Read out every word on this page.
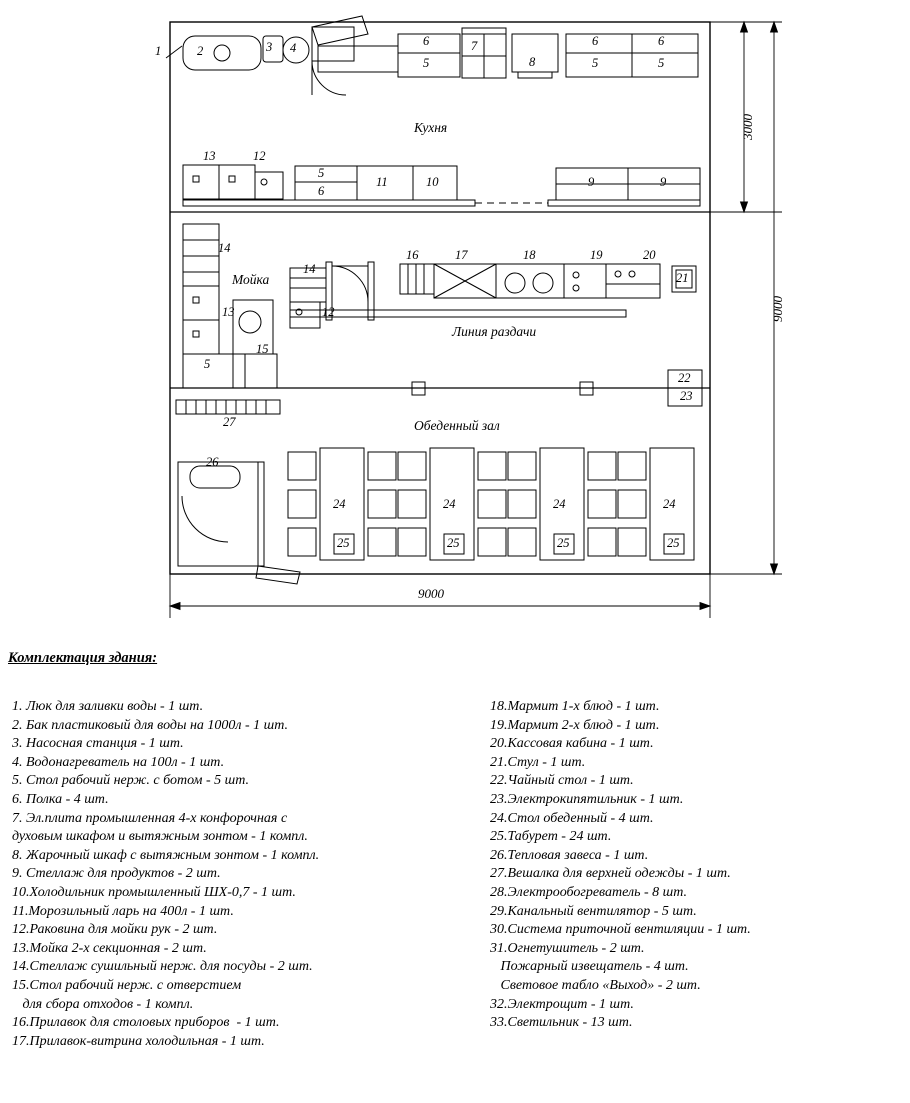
Кухня
Мойка
Линия раздачи
Обеденный зал
9000
3000
9000
1	2	3 4	6
5
7
8
6
5
6
5
13	12
5
6
11	10	9	9
14
14
16	17	18	19	20
21
13	12
5
15
22
23
27
26
24
25
24
25
24
25
24
25
Комплектация здания:
1. Люк для заливки воды - 1 шт.
2. Бак пластиковый для воды на 1000л - 1 шт.
3. Насосная станция - 1 шт.
4. Водонагреватель на 100л - 1 шт.
5. Стол рабочий нерж. с ботом - 5 шт.
6. Полка - 4 шт.
7. Эл.плита промышленная 4-х конфорочная с
духовым шкафом и вытяжным зонтом - 1 компл.
8. Жарочный шкаф с вытяжным зонтом - 1 компл.
9. Стеллаж для продуктов - 2 шт.
10. Холодильник промышленный ШХ-0,7 - 1 шт.
11. Морозильный ларь на 400л - 1 шт.
12. Раковина для мойки рук - 2 шт.
13. Мойка 2-х секционная - 2 шт.
14. Стеллаж сушильный нерж. для посуды - 2 шт.
15. Стол рабочий нерж. с отверстием
для сбора отходов - 1 компл.
16. Прилавок для столовых приборов  - 1 шт.
17. Прилавок-витрина холодильная - 1 шт.
18. Мармит 1-х блюд - 1 шт.
19. Мармит 2-х блюд - 1 шт.
20. Кассовая кабина - 1 шт.
21. Стул - 1 шт.
22. Чайный стол - 1 шт.
23. Электрокипятильник - 1 шт.
24. Стол обеденный - 4 шт.
25. Табурет - 24 шт.
26. Тепловая завеса - 1 шт.
27. Вешалка для верхней одежды - 1 шт.
28. Электрообогреватель - 8 шт.
29. Канальный вентилятор - 5 шт.
30. Система приточной вентиляции - 1 шт.
31. Огнетушитель - 2 шт.
Пожарный извещатель - 4 шт.
Световое табло «Выход» - 2 шт.
32. Электрощит - 1 шт.
33. Светильник - 13 шт.
